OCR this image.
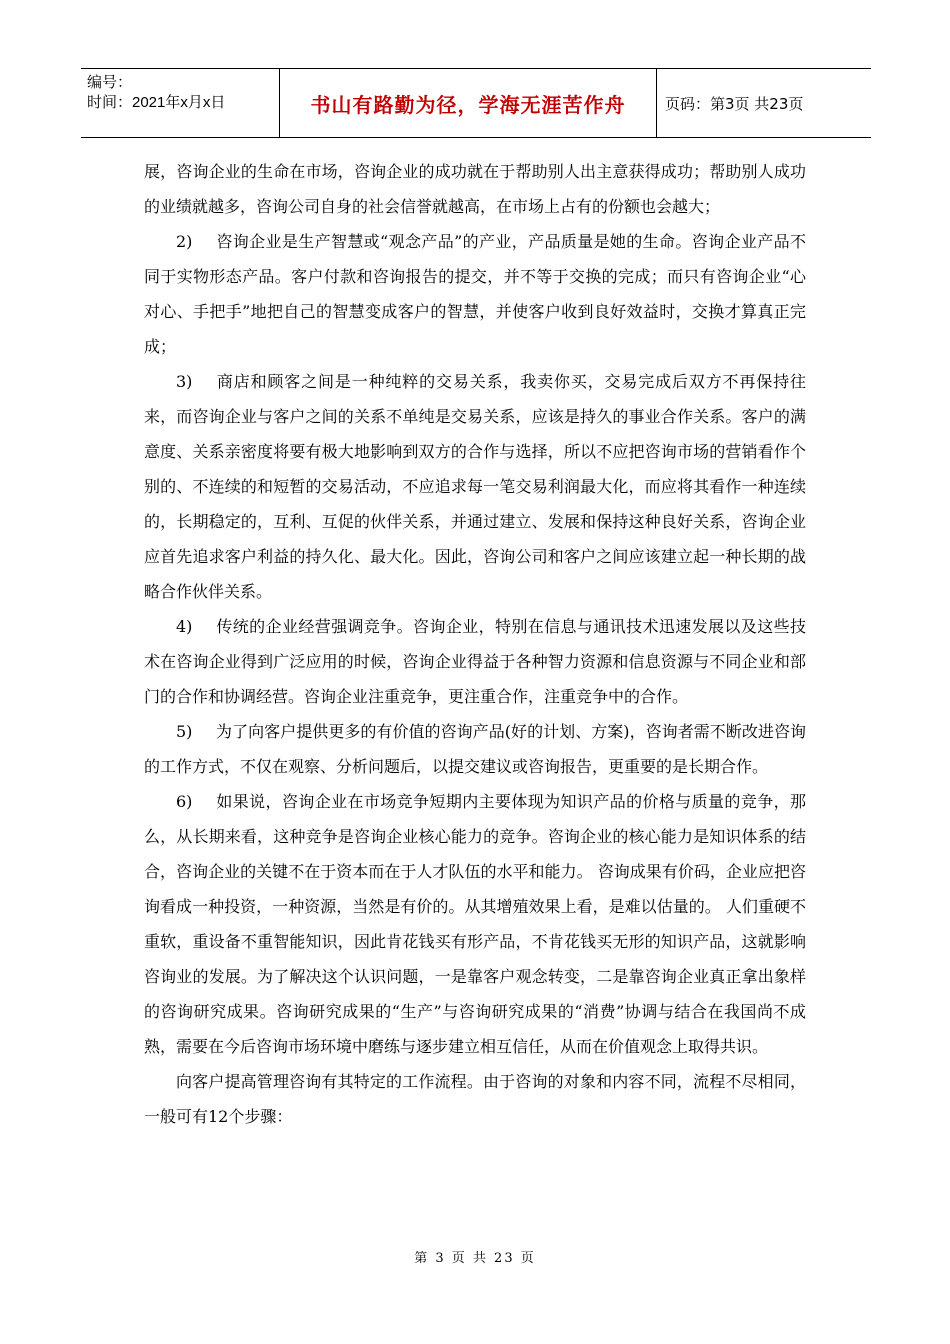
编号：
时间：2021年x月x日	书山有路勤为径，学海无涯苦作舟	页码：第3页 共23页

展，咨询企业的生命在市场，咨询企业的成功就在于帮助别人出主意获得成功；帮助别人成功的业绩就越多，咨询公司自身的社会信誉就越高，在市场上占有的份额也会越大；

2) 咨询企业是生产智慧或“观念产品”的产业，产品质量是她的生命。咨询企业产品不同于实物形态产品。客户付款和咨询报告的提交，并不等于交换的完成；而只有咨询企业“心对心、手把手”地把自己的智慧变成客户的智慧，并使客户收到良好效益时，交换才算真正完成；

3) 商店和顾客之间是一种纯粹的交易关系，我卖你买，交易完成后双方不再保持往来，而咨询企业与客户之间的关系不单纯是交易关系，应该是持久的事业合作关系。客户的满意度、关系亲密度将要有极大地影响到双方的合作与选择，所以不应把咨询市场的营销看作个别的、不连续的和短暂的交易活动，不应追求每一笔交易利润最大化，而应将其看作一种连续的，长期稳定的，互利、互促的伙伴关系，并通过建立、发展和保持这种良好关系，咨询企业应首先追求客户利益的持久化、最大化。因此，咨询公司和客户之间应该建立起一种长期的战略合作伙伴关系。

4) 传统的企业经营强调竞争。咨询企业，特别在信息与通讯技术迅速发展以及这些技术在咨询企业得到广泛应用的时候，咨询企业得益于各种智力资源和信息资源与不同企业和部门的合作和协调经营。咨询企业注重竞争，更注重合作，注重竞争中的合作。

5) 为了向客户提供更多的有价值的咨询产品(好的计划、方案)，咨询者需不断改进咨询的工作方式，不仅在观察、分析问题后，以提交建议或咨询报告，更重要的是长期合作。

6) 如果说，咨询企业在市场竞争短期内主要体现为知识产品的价格与质量的竞争，那么，从长期来看，这种竞争是咨询企业核心能力的竞争。咨询企业的核心能力是知识体系的结合，咨询企业的关键不在于资本而在于人才队伍的水平和能力。 咨询成果有价码，企业应把咨询看成一种投资，一种资源，当然是有价的。从其增殖效果上看，是难以估量的。 人们重硬不重软，重设备不重智能知识，因此肯花钱买有形产品，不肯花钱买无形的知识产品，这就影响咨询业的发展。为了解决这个认识问题，一是靠客户观念转变，二是靠咨询企业真正拿出象样的咨询研究成果。咨询研究成果的“生产”与咨询研究成果的“消费”协调与结合在我国尚不成熟，需要在今后咨询市场环境中磨练与逐步建立相互信任，从而在价值观念上取得共识。

向客户提高管理咨询有其特定的工作流程。由于咨询的对象和内容不同，流程不尽相同，一般可有12个步骤：

第 3 页 共 23 页
